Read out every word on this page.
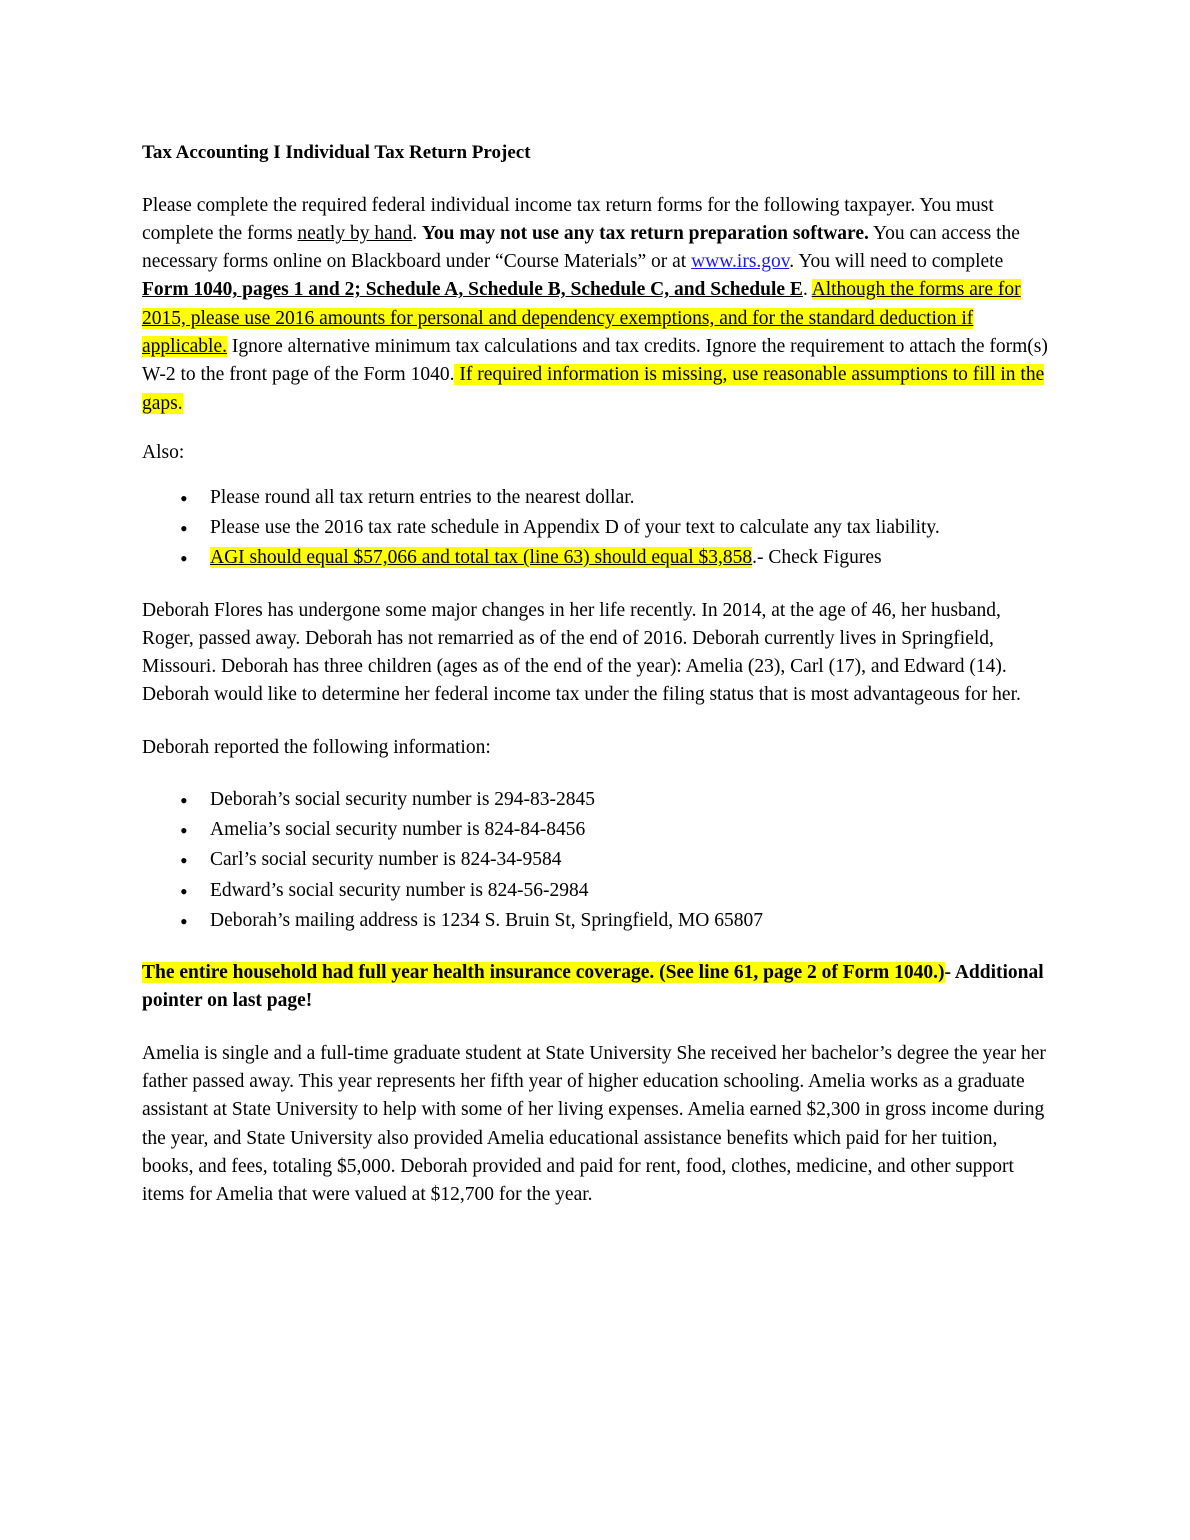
Tax Accounting I Individual Tax Return Project

Please complete the required federal individual income tax return forms for the following taxpayer. You must complete the forms neatly by hand. You may not use any tax return preparation software. You can access the necessary forms online on Blackboard under “Course Materials” or at www.irs.gov. You will need to complete Form 1040, pages 1 and 2; Schedule A, Schedule B, Schedule C, and Schedule E. Although the forms are for 2015, please use 2016 amounts for personal and dependency exemptions, and for the standard deduction if applicable. Ignore alternative minimum tax calculations and tax credits. Ignore the requirement to attach the form(s) W-2 to the front page of the Form 1040. If required information is missing, use reasonable assumptions to fill in the gaps.

Also:

• Please round all tax return entries to the nearest dollar.
• Please use the 2016 tax rate schedule in Appendix D of your text to calculate any tax liability.
• AGI should equal $57,066 and total tax (line 63) should equal $3,858.- Check Figures

Deborah Flores has undergone some major changes in her life recently. In 2014, at the age of 46, her husband, Roger, passed away. Deborah has not remarried as of the end of 2016. Deborah currently lives in Springfield, Missouri. Deborah has three children (ages as of the end of the year): Amelia (23), Carl (17), and Edward (14). Deborah would like to determine her federal income tax under the filing status that is most advantageous for her.

Deborah reported the following information:

• Deborah’s social security number is 294-83-2845
• Amelia’s social security number is 824-84-8456
• Carl’s social security number is 824-34-9584
• Edward’s social security number is 824-56-2984
• Deborah’s mailing address is 1234 S. Bruin St, Springfield, MO 65807

The entire household had full year health insurance coverage. (See line 61, page 2 of Form 1040.)- Additional pointer on last page!

Amelia is single and a full-time graduate student at State University She received her bachelor’s degree the year her father passed away. This year represents her fifth year of higher education schooling. Amelia works as a graduate assistant at State University to help with some of her living expenses. Amelia earned $2,300 in gross income during the year, and State University also provided Amelia educational assistance benefits which paid for her tuition, books, and fees, totaling $5,000. Deborah provided and paid for rent, food, clothes, medicine, and other support items for Amelia that were valued at $12,700 for the year.
